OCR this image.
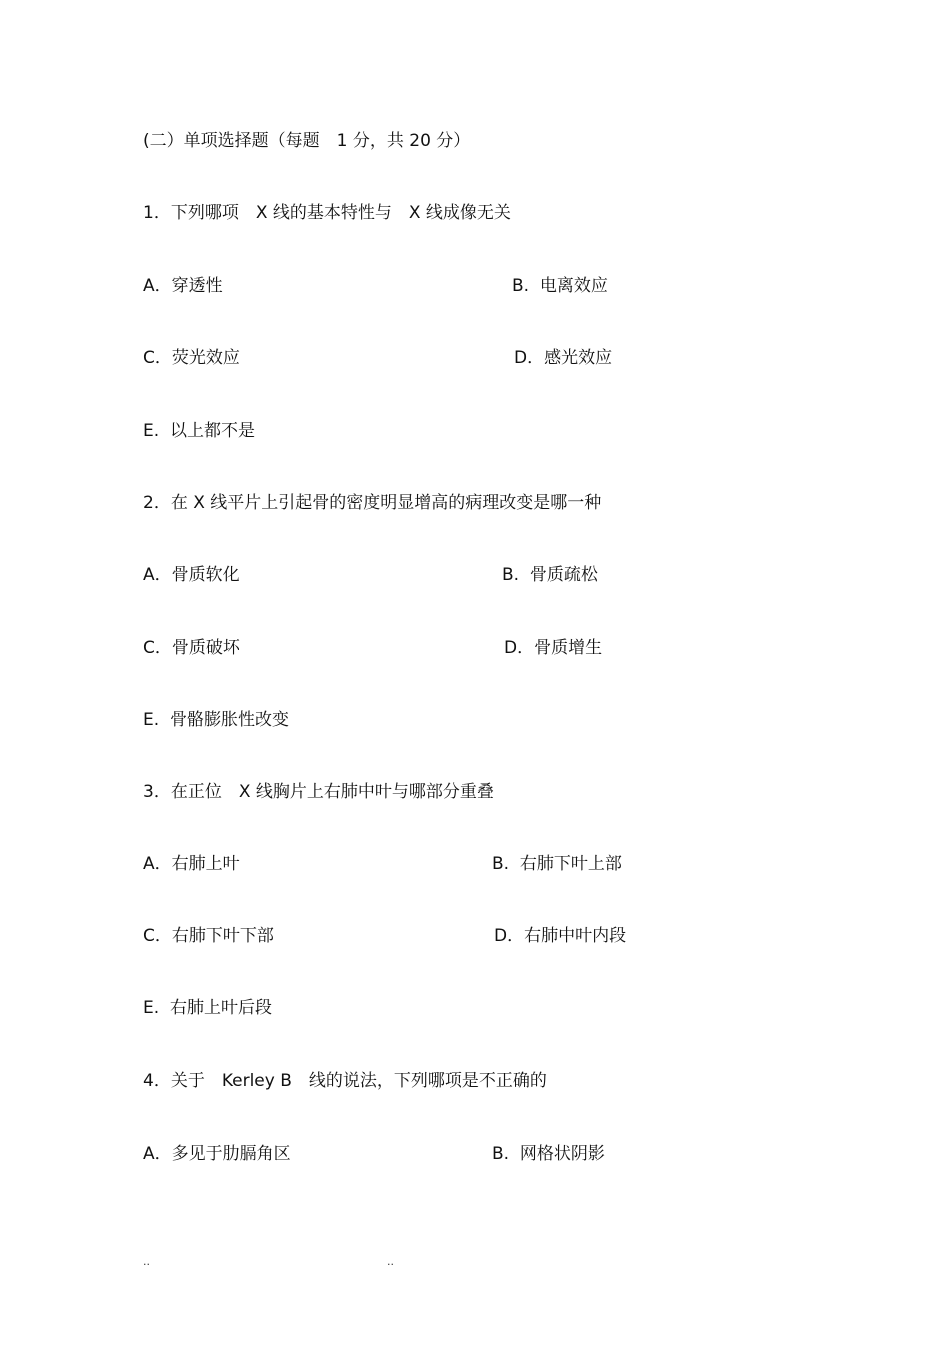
(二）单项选择题（每题　1 分，共 20 分）
1．下列哪项　X 线的基本特性与　X 线成像无关
A．穿透性	B.  电离效应
C．荧光效应	D．感光效应
E.  以上都不是
2．在 X 线平片上引起骨的密度明显增高的病理改变是哪一种
A．骨质软化	B.  骨质疏松
C．骨质破坏	D．骨质增生
E.  骨骼膨胀性改变
3．在正位　X 线胸片上右肺中叶与哪部分重叠
A．右肺上叶	B.  右肺下叶上部
C．右肺下叶下部	D．右肺中叶内段
E.  右肺上叶后段
4．关于　Kerley B　线的说法，下列哪项是不正确的
A．多见于肋膈角区	B.  网格状阴影
..	..
